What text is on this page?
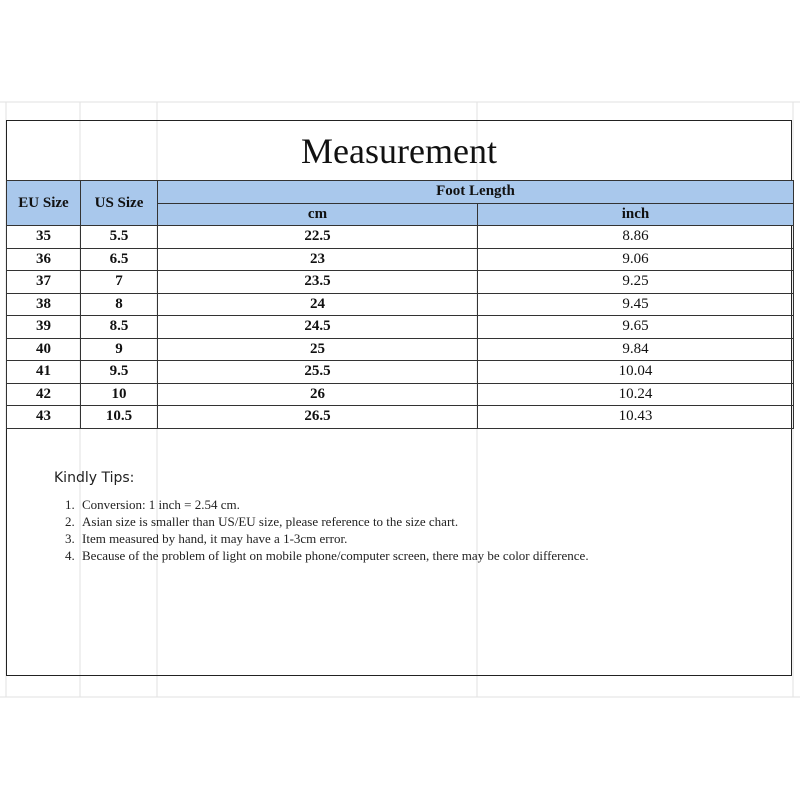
Measurement
EU Size	US Size	Foot Length	
		cm	inch
35	5.5	22.5	8.86
36	6.5	23	9.06
37	7	23.5	9.25
38	8	24	9.45
39	8.5	24.5	9.65
40	9	25	9.84
41	9.5	25.5	10.04
42	10	26	10.24
43	10.5	26.5	10.43
Kindly Tips:
1. Conversion: 1 inch = 2.54 cm.
2. Asian size is smaller than US/EU size, please reference to the size chart.
3. Item measured by hand, it may have a 1-3cm error.
4. Because of the problem of light on mobile phone/computer screen, there may be color difference.
